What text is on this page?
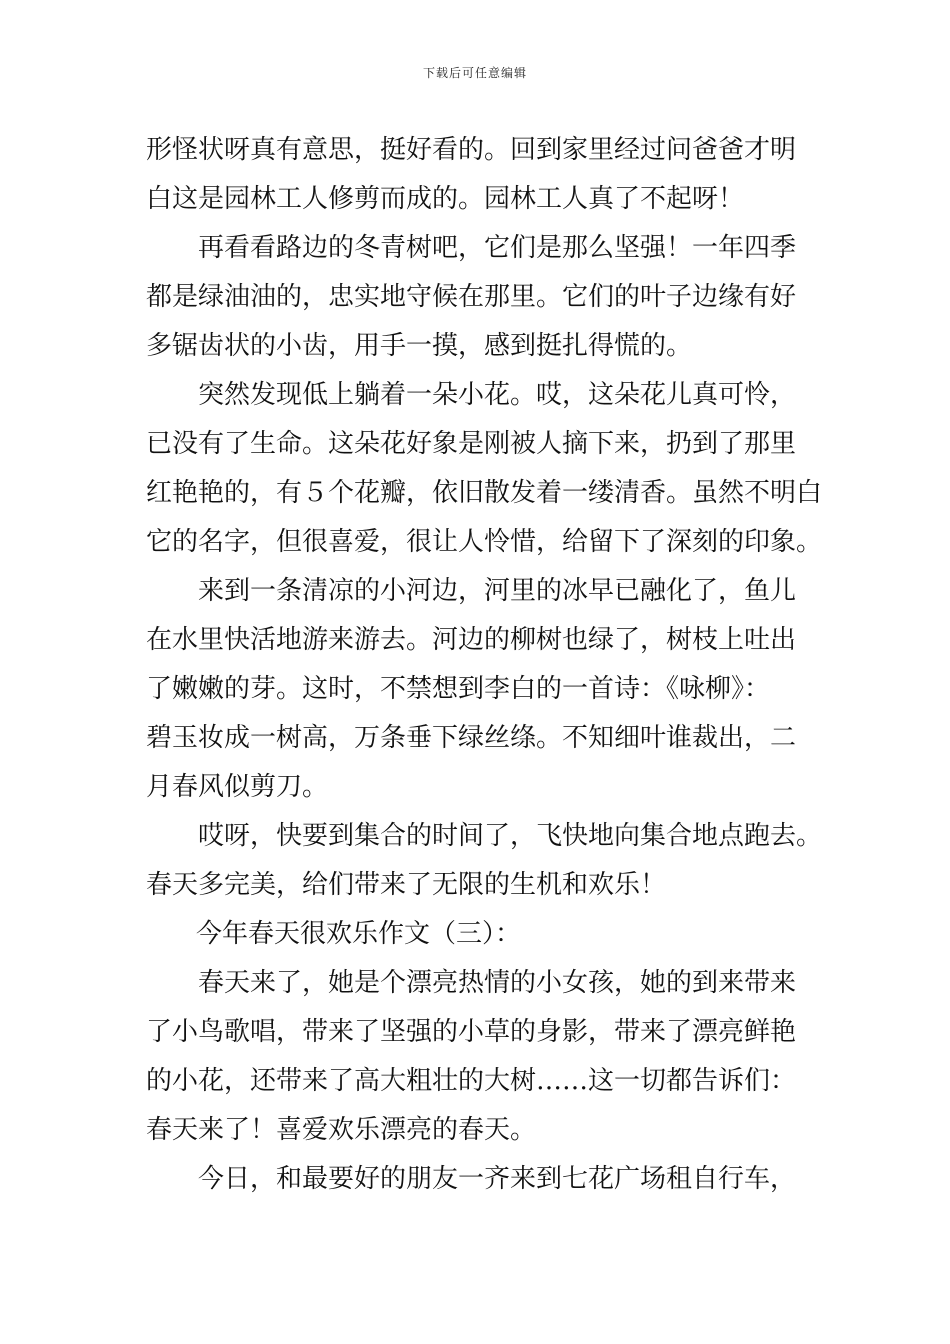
下载后可任意编辑
形怪状呀真有意思，挺好看的。回到家里经过问爸爸才明
白这是园林工人修剪而成的。园林工人真了不起呀！
再看看路边的冬青树吧，它们是那么坚强！一年四季
都是绿油油的，忠实地守候在那里。它们的叶子边缘有好
多锯齿状的小齿，用手一摸，感到挺扎得慌的。
突然发现低上躺着一朵小花。哎，这朵花儿真可怜，
已没有了生命。这朵花好象是刚被人摘下来，扔到了那里
红艳艳的，有５个花瓣，依旧散发着一缕清香。虽然不明白
它的名字，但很喜爱，很让人怜惜，给留下了深刻的印象。
来到一条清凉的小河边，河里的冰早已融化了，鱼儿
在水里快活地游来游去。河边的柳树也绿了，树枝上吐出
了嫩嫩的芽。这时，不禁想到李白的一首诗：《咏柳》：
碧玉妆成一树高，万条垂下绿丝绦。不知细叶谁裁出，二
月春风似剪刀。
哎呀，快要到集合的时间了，飞快地向集合地点跑去。
春天多完美，给们带来了无限的生机和欢乐！
今年春天很欢乐作文（三）：
春天来了，她是个漂亮热情的小女孩，她的到来带来
了小鸟歌唱，带来了坚强的小草的身影，带来了漂亮鲜艳
的小花，还带来了高大粗壮的大树……这一切都告诉们：
春天来了！喜爱欢乐漂亮的春天。
今日，和最要好的朋友一齐来到七花广场租自行车，
